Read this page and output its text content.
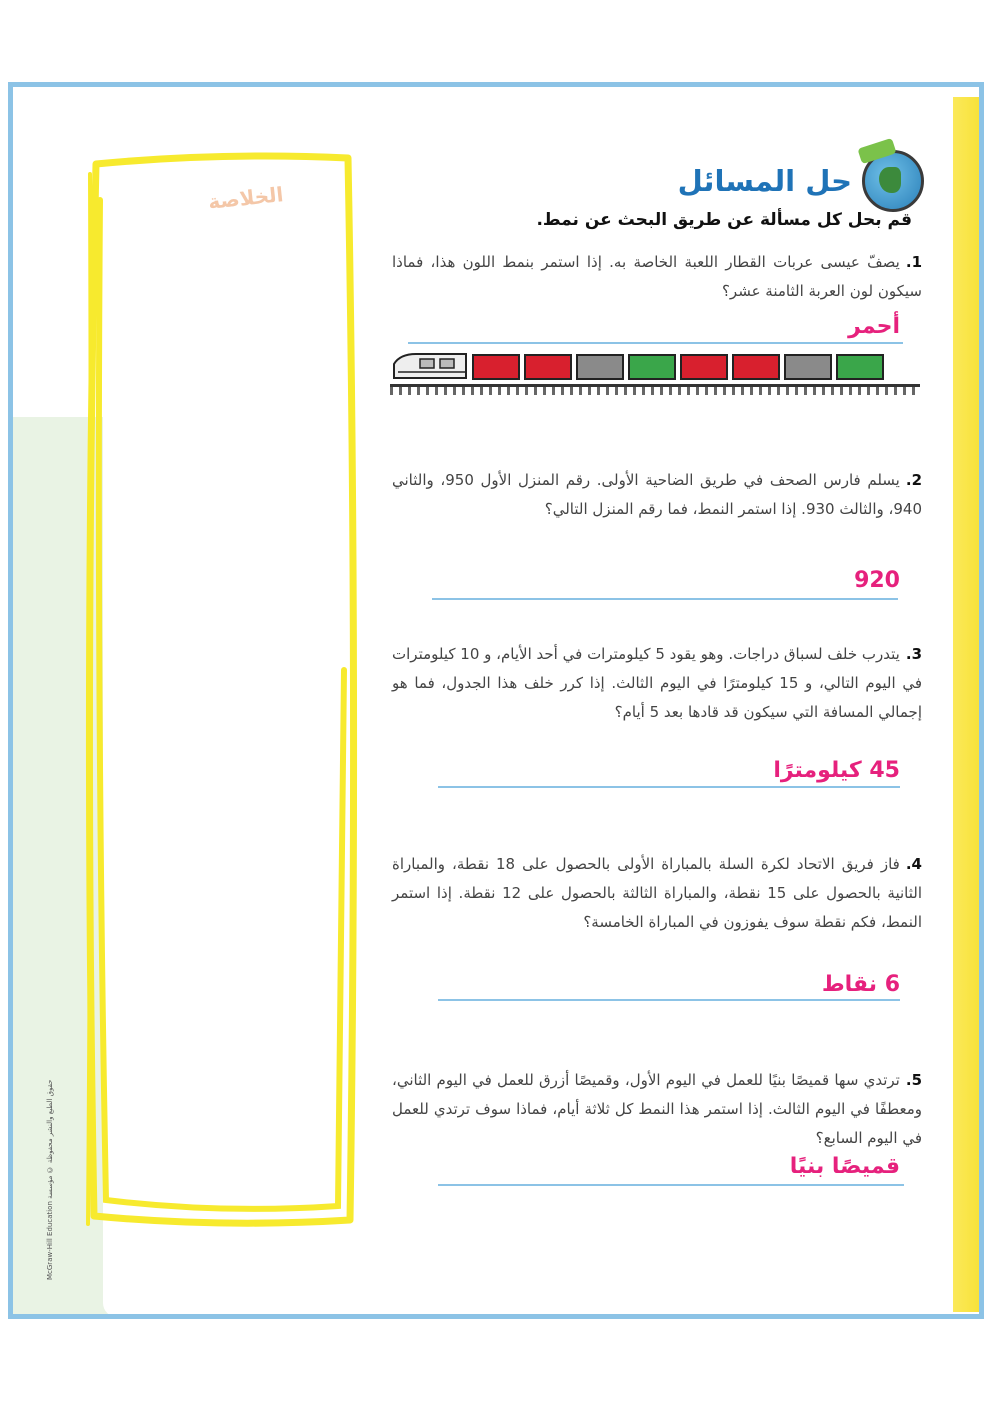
الخلاصة
McGraw-Hill Education حقوق الطبع والنشر محفوظة © مؤسسة
حل المسائل
قم بحل كل مسألة عن طريق البحث عن نمط.
1.يصفّ عيسى عربات القطار اللعبة الخاصة به. إذا استمر بنمط اللون هذا، فماذا سيكون لون العربة الثامنة عشر؟
أحمر
2.يسلم فارس الصحف في طريق الضاحية الأولى. رقم المنزل الأول 950، والثاني 940، والثالث 930. إذا استمر النمط، فما رقم المنزل التالي؟
920
3.يتدرب خلف لسباق دراجات. وهو يقود 5 كيلومترات في أحد الأيام، و 10 كيلومترات في اليوم التالي، و 15 كيلومترًا في اليوم الثالث. إذا كرر خلف هذا الجدول، فما هو إجمالي المسافة التي سيكون قد قادها بعد 5 أيام؟
45 كيلومترًا
4.فاز فريق الاتحاد لكرة السلة بالمباراة الأولى بالحصول على 18 نقطة، والمباراة الثانية بالحصول على 15 نقطة، والمباراة الثالثة بالحصول على 12 نقطة. إذا استمر النمط، فكم نقطة سوف يفوزون في المباراة الخامسة؟
6 نقاط
5.ترتدي سها قميصًا بنيًا للعمل في اليوم الأول، وقميصًا أزرق للعمل في اليوم الثاني، ومعطفًا في اليوم الثالث. إذا استمر هذا النمط كل ثلاثة أيام، فماذا سوف ترتدي للعمل في اليوم السابع؟
قميصًا بنيًا
